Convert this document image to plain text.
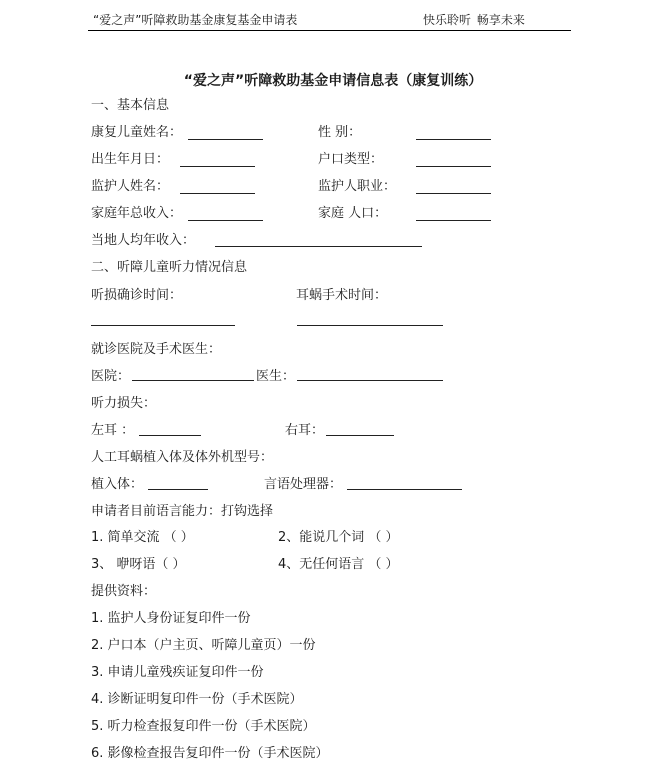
“爱之声”听障救助基金康复基金申请表	快乐聆听 畅享未来
“爱之声”听障救助基金申请信息表（康复训练）
一、基本信息
康复儿童姓名：	性 别：
出生年月日：	户口类型：
监护人姓名：	监护人职业：
家庭年总收入：	家庭 人口：
当地人均年收入：
二、听障儿童听力情况信息
听损确诊时间：	耳蜗手术时间：
就诊医院及手术医生：
医院：	医生：
听力损失：
左耳 ：	右耳：
人工耳蜗植入体及体外机型号：
植入体：	言语处理器：
申请者目前语言能力：打钩选择
1. 简单交流 （ ）	2、能说几个词 （ ）
3、 咿呀语（ ）	4、无任何语言 （ ）
提供资料：
1. 监护人身份证复印件一份
2. 户口本（户主页、听障儿童页）一份
3. 申请儿童残疾证复印件一份
4. 诊断证明复印件一份（手术医院）
5. 听力检查报复印件一份（手术医院）
6. 影像检查报告复印件一份（手术医院）
